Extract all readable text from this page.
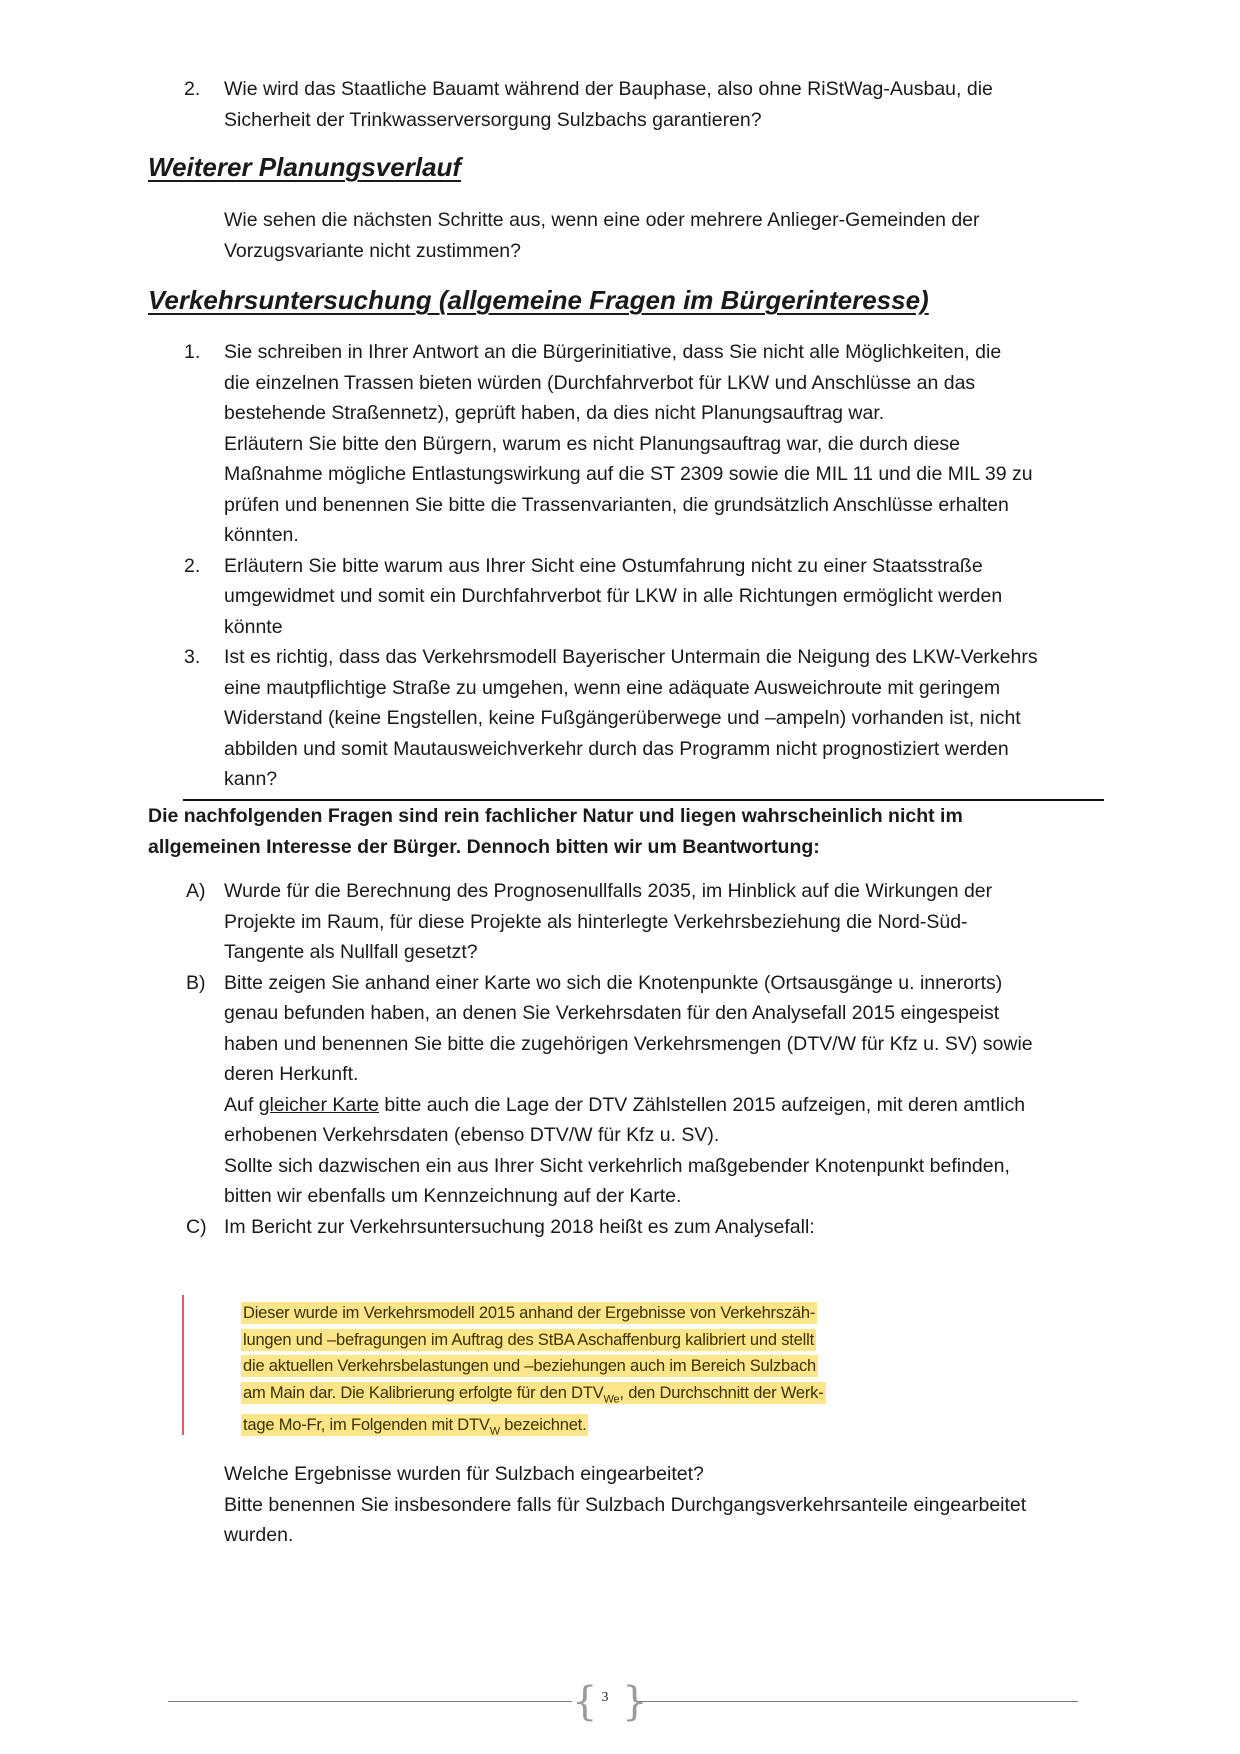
2. Wie wird das Staatliche Bauamt während der Bauphase, also ohne RiStWag-Ausbau, die
Sicherheit der Trinkwasserversorgung Sulzbachs garantieren?
Weiterer Planungsverlauf
Wie sehen die nächsten Schritte aus, wenn eine oder mehrere Anlieger-Gemeinden der
Vorzugsvariante nicht zustimmen?
Verkehrsuntersuchung (allgemeine Fragen im Bürgerinteresse)
1. Sie schreiben in Ihrer Antwort an die Bürgerinitiative, dass Sie nicht alle Möglichkeiten, die
die einzelnen Trassen bieten würden (Durchfahrverbot für LKW und Anschlüsse an das
bestehende Straßennetz), geprüft haben, da dies nicht Planungsauftrag war.
Erläutern Sie bitte den Bürgern, warum es nicht Planungsauftrag war, die durch diese
Maßnahme mögliche Entlastungswirkung auf die ST 2309 sowie die MIL 11 und die MIL 39 zu
prüfen und benennen Sie bitte die Trassenvarianten, die grundsätzlich Anschlüsse erhalten
könnten.
2. Erläutern Sie bitte warum aus Ihrer Sicht eine Ostumfahrung nicht zu einer Staatsstraße
umgewidmet und somit ein Durchfahrverbot für LKW in alle Richtungen ermöglicht werden
könnte
3. Ist es richtig, dass das Verkehrsmodell Bayerischer Untermain die Neigung des LKW-Verkehrs
eine mautpflichtige Straße zu umgehen, wenn eine adäquate Ausweichroute mit geringem
Widerstand (keine Engstellen, keine Fußgängerüberwege und –ampeln) vorhanden ist, nicht
abbilden und somit Mautausweichverkehr durch das Programm nicht prognostiziert werden
kann?
Die nachfolgenden Fragen sind rein fachlicher Natur und liegen wahrscheinlich nicht im
allgemeinen Interesse der Bürger. Dennoch bitten wir um Beantwortung:
A) Wurde für die Berechnung des Prognosenullfalls 2035, im Hinblick auf die Wirkungen der
Projekte im Raum, für diese Projekte als hinterlegte Verkehrsbeziehung die Nord-Süd-
Tangente als Nullfall gesetzt?
B) Bitte zeigen Sie anhand einer Karte wo sich die Knotenpunkte (Ortsausgänge u. innerorts)
genau befunden haben, an denen Sie Verkehrsdaten für den Analysefall 2015 eingespeist
haben und benennen Sie bitte die zugehörigen Verkehrsmengen (DTV/W für Kfz u. SV) sowie
deren Herkunft.
Auf gleicher Karte bitte auch die Lage der DTV Zählstellen 2015 aufzeigen, mit deren amtlich
erhobenen Verkehrsdaten (ebenso DTV/W für Kfz u. SV).
Sollte sich dazwischen ein aus Ihrer Sicht verkehrlich maßgebender Knotenpunkt befinden,
bitten wir ebenfalls um Kennzeichnung auf der Karte.
C) Im Bericht zur Verkehrsuntersuchung 2018 heißt es zum Analysefall:
Dieser wurde im Verkehrsmodell 2015 anhand der Ergebnisse von Verkehrszäh-
lungen und –befragungen im Auftrag des StBA Aschaffenburg kalibriert und stellt
die aktuellen Verkehrsbelastungen und –beziehungen auch im Bereich Sulzbach
am Main dar. Die Kalibrierung erfolgte für den $DTV_{We}$, den Durchschnitt der Werk-
tage Mo-Fr, im Folgenden mit $DTV_W$ bezeichnet.
Welche Ergebnisse wurden für Sulzbach eingearbeitet?
Bitte benennen Sie insbesondere falls für Sulzbach Durchgangsverkehrsanteile eingearbeitet
wurden.
{ }
3
